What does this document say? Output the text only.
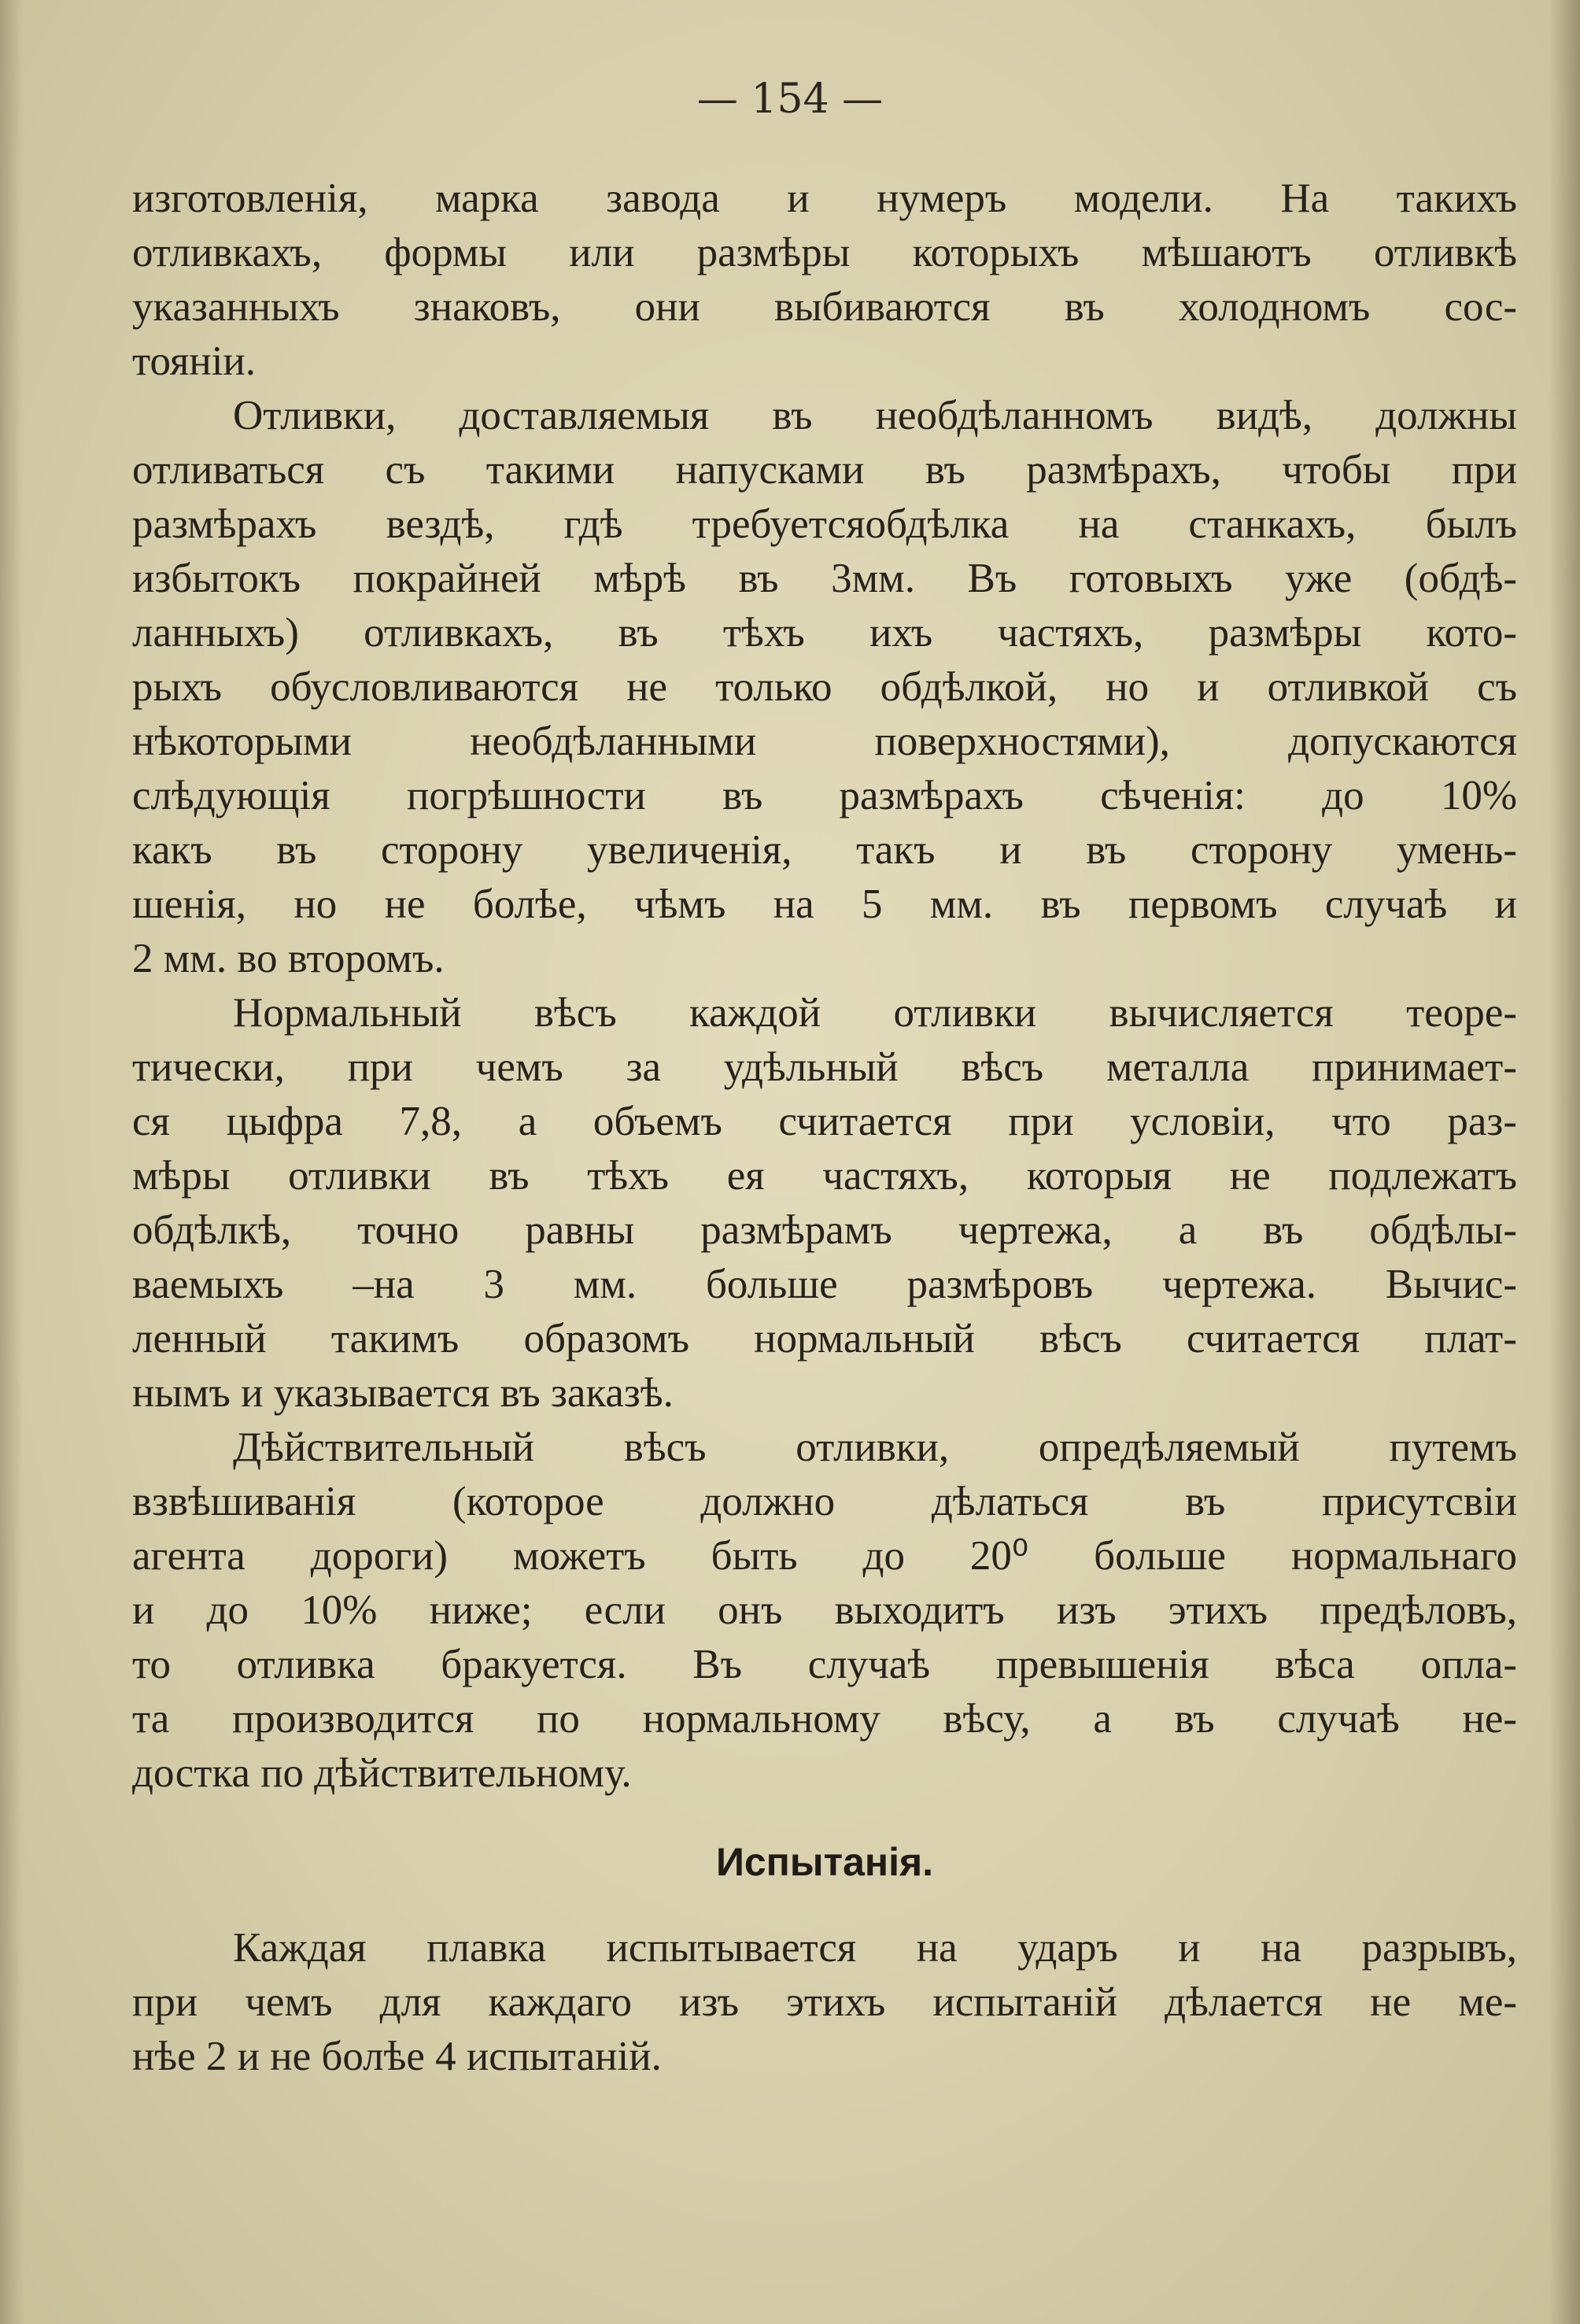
— 154 —
изготовленія, марка завода и нумеръ модели. На такихъ
отливкахъ, формы или размѣры которыхъ мѣшаютъ отливкѣ
указанныхъ знаковъ, они выбиваются въ холодномъ сос-
тояніи.
Отливки, доставляемыя въ необдѣланномъ видѣ, должны
отливаться съ такими напусками въ размѣрахъ, чтобы при
размѣрахъ вездѣ, гдѣ требуетсяобдѣлка на станкахъ, былъ
избытокъ покрайней мѣрѣ въ 3мм. Въ готовыхъ уже (обдѣ-
ланныхъ) отливкахъ, въ тѣхъ ихъ частяхъ, размѣры кото-
рыхъ обусловливаются не только обдѣлкой, но и отливкой съ
нѣкоторыми необдѣланными поверхностями), допускаются
слѣдующія погрѣшности въ размѣрахъ сѣченія: до 10%
какъ въ сторону увеличенія, такъ и въ сторону умень-
шенія, но не болѣе, чѣмъ на 5 мм. въ первомъ случаѣ и
2 мм. во второмъ.
Нормальный вѣсъ каждой отливки вычисляется теоре-
тически, при чемъ за удѣльный вѣсъ металла принимает-
ся цыфра 7,8, а объемъ считается при условіи, что раз-
мѣры отливки въ тѣхъ ея частяхъ, которыя не подлежатъ
обдѣлкѣ, точно равны размѣрамъ чертежа, а въ обдѣлы-
ваемыхъ –на 3 мм. больше размѣровъ чертежа. Вычис-
ленный такимъ образомъ нормальный вѣсъ считается плат-
нымъ и указывается въ заказѣ.
Дѣйствительный вѣсъ отливки, опредѣляемый путемъ
взвѣшиванія (которое должно дѣлаться въ присутсвіи
агента дороги) можетъ быть до 20⁰ больше нормальнаго
и до 10% ниже; если онъ выходитъ изъ этихъ предѣловъ,
то отливка бракуется. Въ случаѣ превышенія вѣса опла-
та производится по нормальному вѣсу, а въ случаѣ не-
достка по дѣйствительному.
Испытанія.
Каждая плавка испытывается на ударъ и на разрывъ,
при чемъ для каждаго изъ этихъ испытаній дѣлается не ме-
нѣе 2 и не болѣе 4 испытаній.
